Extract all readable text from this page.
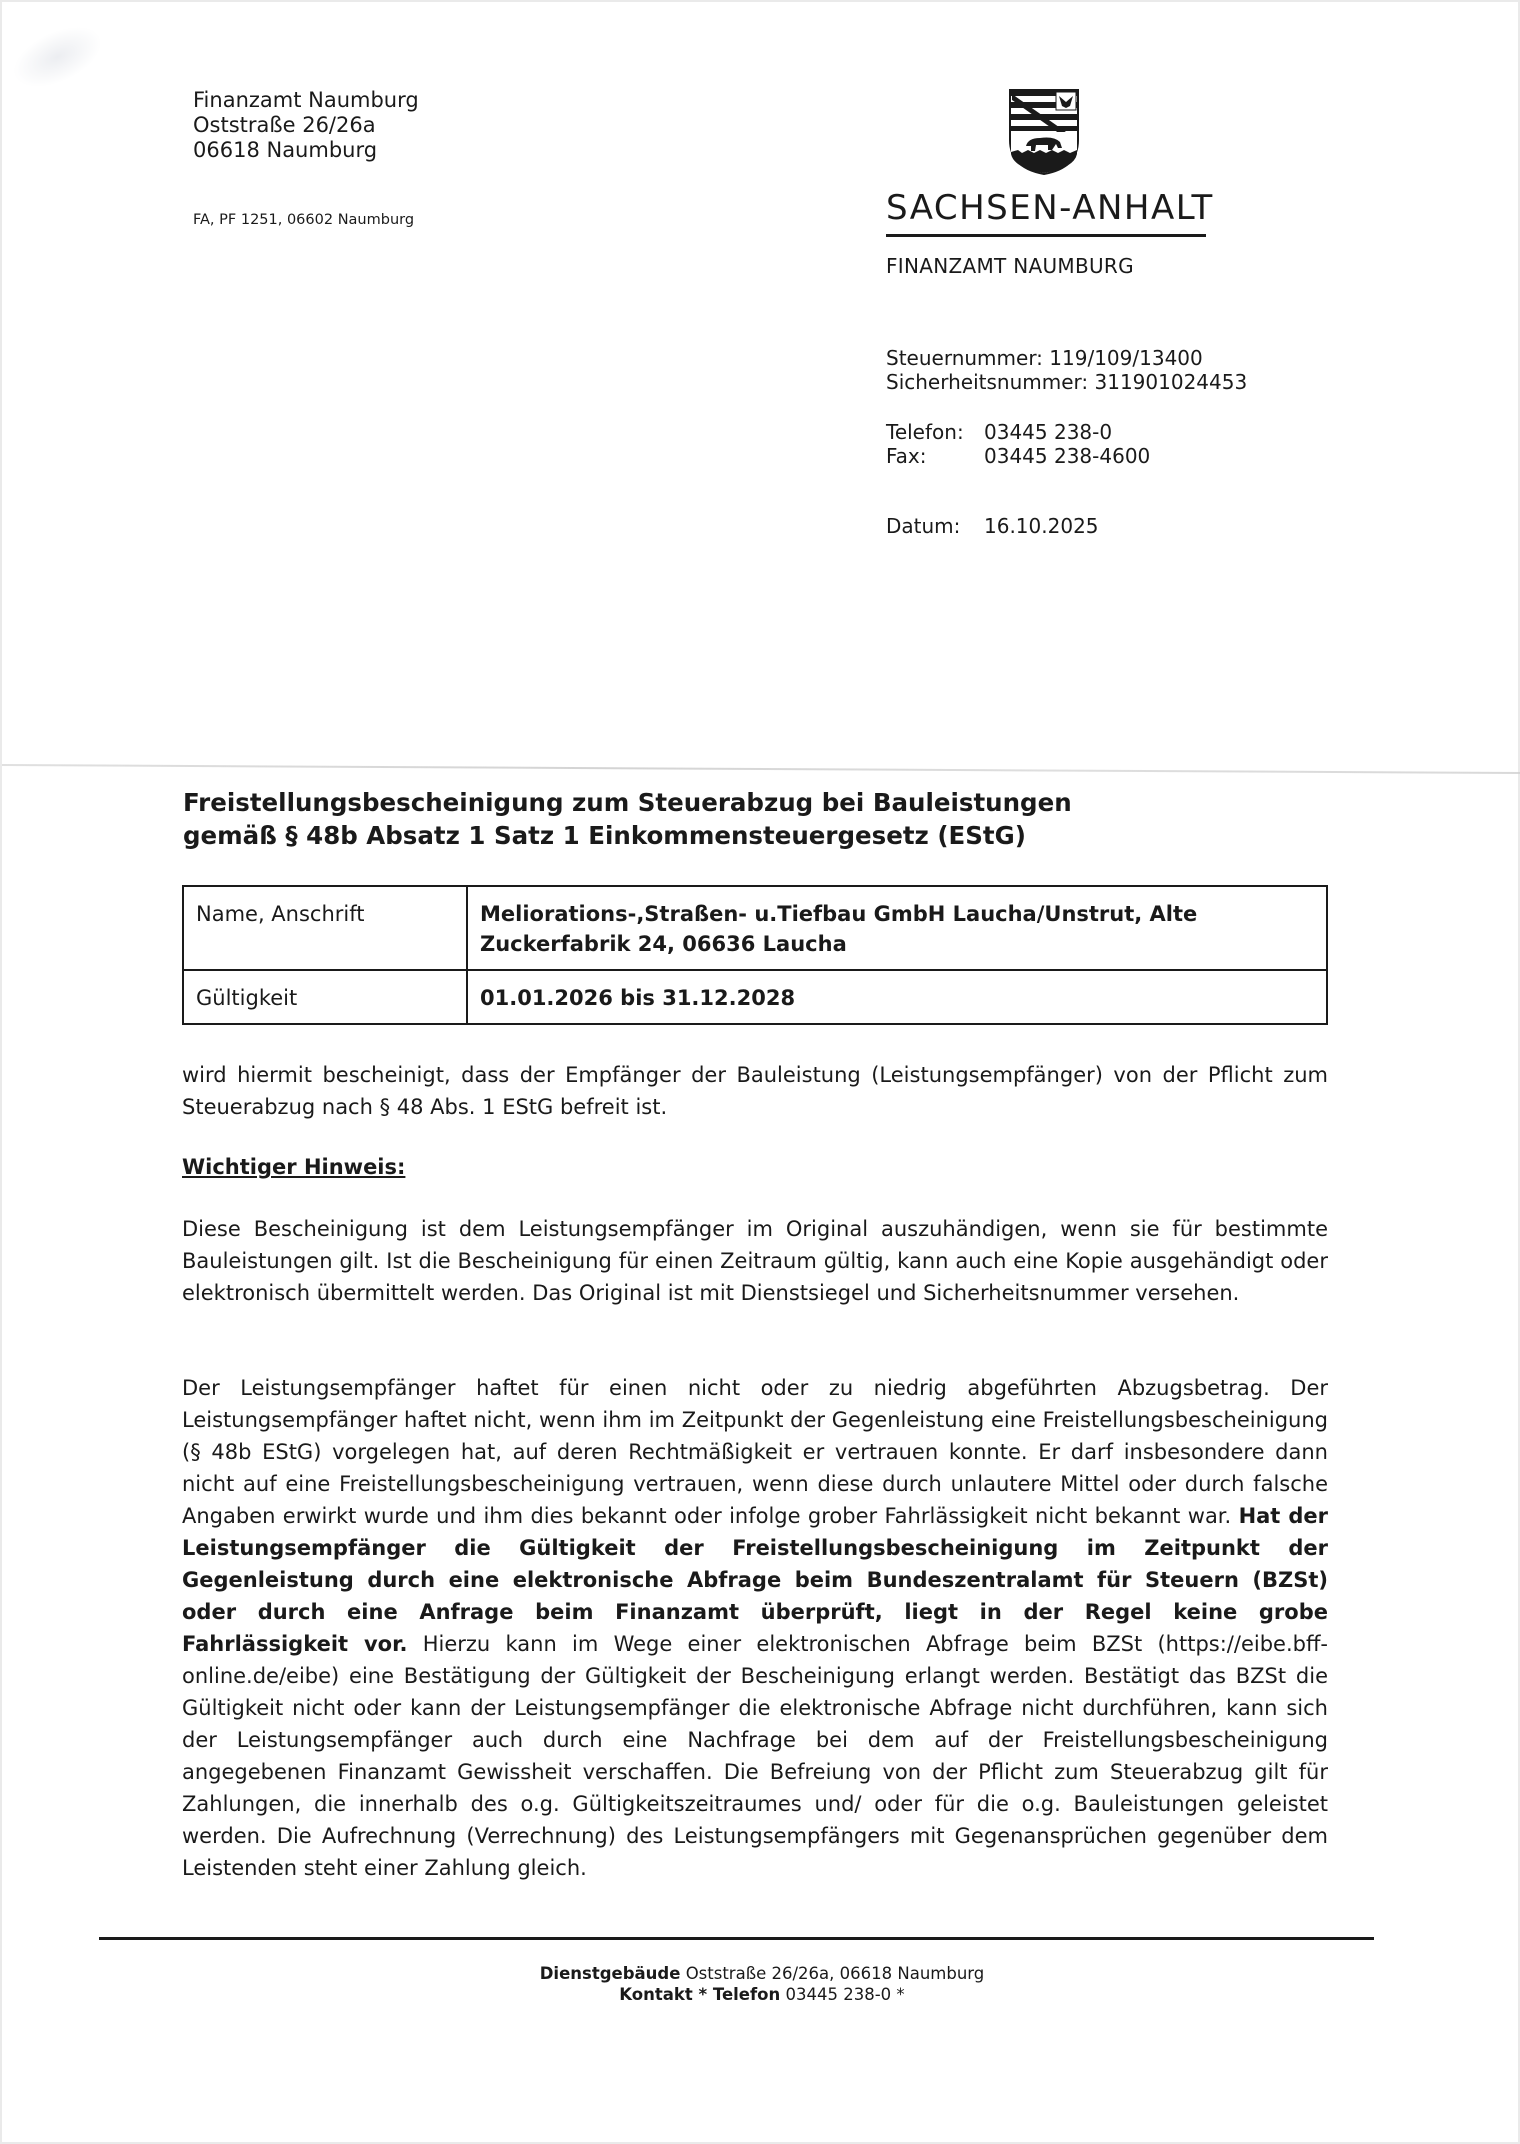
Finanzamt Naumburg
Oststraße 26/26a
06618 Naumburg
FA, PF 1251, 06602 Naumburg	SACHSEN-ANHALT
FINANZAMT NAUMBURG
Steuernummer: 119/109/13400
Sicherheitsnummer: 311901024453
Telefon: 03445 238-0
Fax:	03445 238-4600
Datum: 16.10.2025
Freistellungsbescheinigung zum Steuerabzug bei Bauleistungen
gemäß § 48b Absatz 1 Satz 1 Einkommensteuergesetz (EStG)
Name, Anschrift	Meliorations-,Straßen- u.Tiefbau GmbH Laucha/Unstrut, Alte Zuckerfabrik 24, 06636 Laucha
Gültigkeit	01.01.2026 bis 31.12.2028
wird hiermit bescheinigt, dass der Empfänger der Bauleistung (Leistungsempfänger) von der Pflicht zum Steuerabzug nach § 48 Abs. 1 EStG befreit ist.
Wichtiger Hinweis:
Diese Bescheinigung ist dem Leistungsempfänger im Original auszuhändigen, wenn sie für bestimmte Bauleistungen gilt. Ist die Bescheinigung für einen Zeitraum gültig, kann auch eine Kopie ausgehändigt oder elektronisch übermittelt werden. Das Original ist mit Dienstsiegel und Sicherheitsnummer versehen.
Der Leistungsempfänger haftet für einen nicht oder zu niedrig abgeführten Abzugsbetrag. Der Leistungsempfänger haftet nicht, wenn ihm im Zeitpunkt der Gegenleistung eine Freistellungsbescheinigung (§ 48b EStG) vorgelegen hat, auf deren Rechtmäßigkeit er vertrauen konnte. Er darf insbesondere dann nicht auf eine Freistellungsbescheinigung vertrauen, wenn diese durch unlautere Mittel oder durch falsche Angaben erwirkt wurde und ihm dies bekannt oder infolge grober Fahrlässigkeit nicht bekannt war. Hat der Leistungsempfänger die Gültigkeit der Freistellungsbescheinigung im Zeitpunkt der Gegenleistung durch eine elektronische Abfrage beim Bundeszentralamt für Steuern (BZSt) oder durch eine Anfrage beim Finanzamt überprüft, liegt in der Regel keine grobe Fahrlässigkeit vor. Hierzu kann im Wege einer elektronischen Abfrage beim BZSt (https://eibe.bff-online.de/eibe) eine Bestätigung der Gültigkeit der Bescheinigung erlangt werden. Bestätigt das BZSt die Gültigkeit nicht oder kann der Leistungsempfänger die elektronische Abfrage nicht durchführen, kann sich der Leistungsempfänger auch durch eine Nachfrage bei dem auf der Freistellungsbescheinigung angegebenen Finanzamt Gewissheit verschaffen. Die Befreiung von der Pflicht zum Steuerabzug gilt für Zahlungen, die innerhalb des o.g. Gültigkeitszeitraumes und/ oder für die o.g. Bauleistungen geleistet werden. Die Aufrechnung (Verrechnung) des Leistungsempfängers mit Gegenansprüchen gegenüber dem Leistenden steht einer Zahlung gleich.
Dienstgebäude Oststraße 26/26a, 06618 Naumburg
Kontakt * Telefon 03445 238-0 *
